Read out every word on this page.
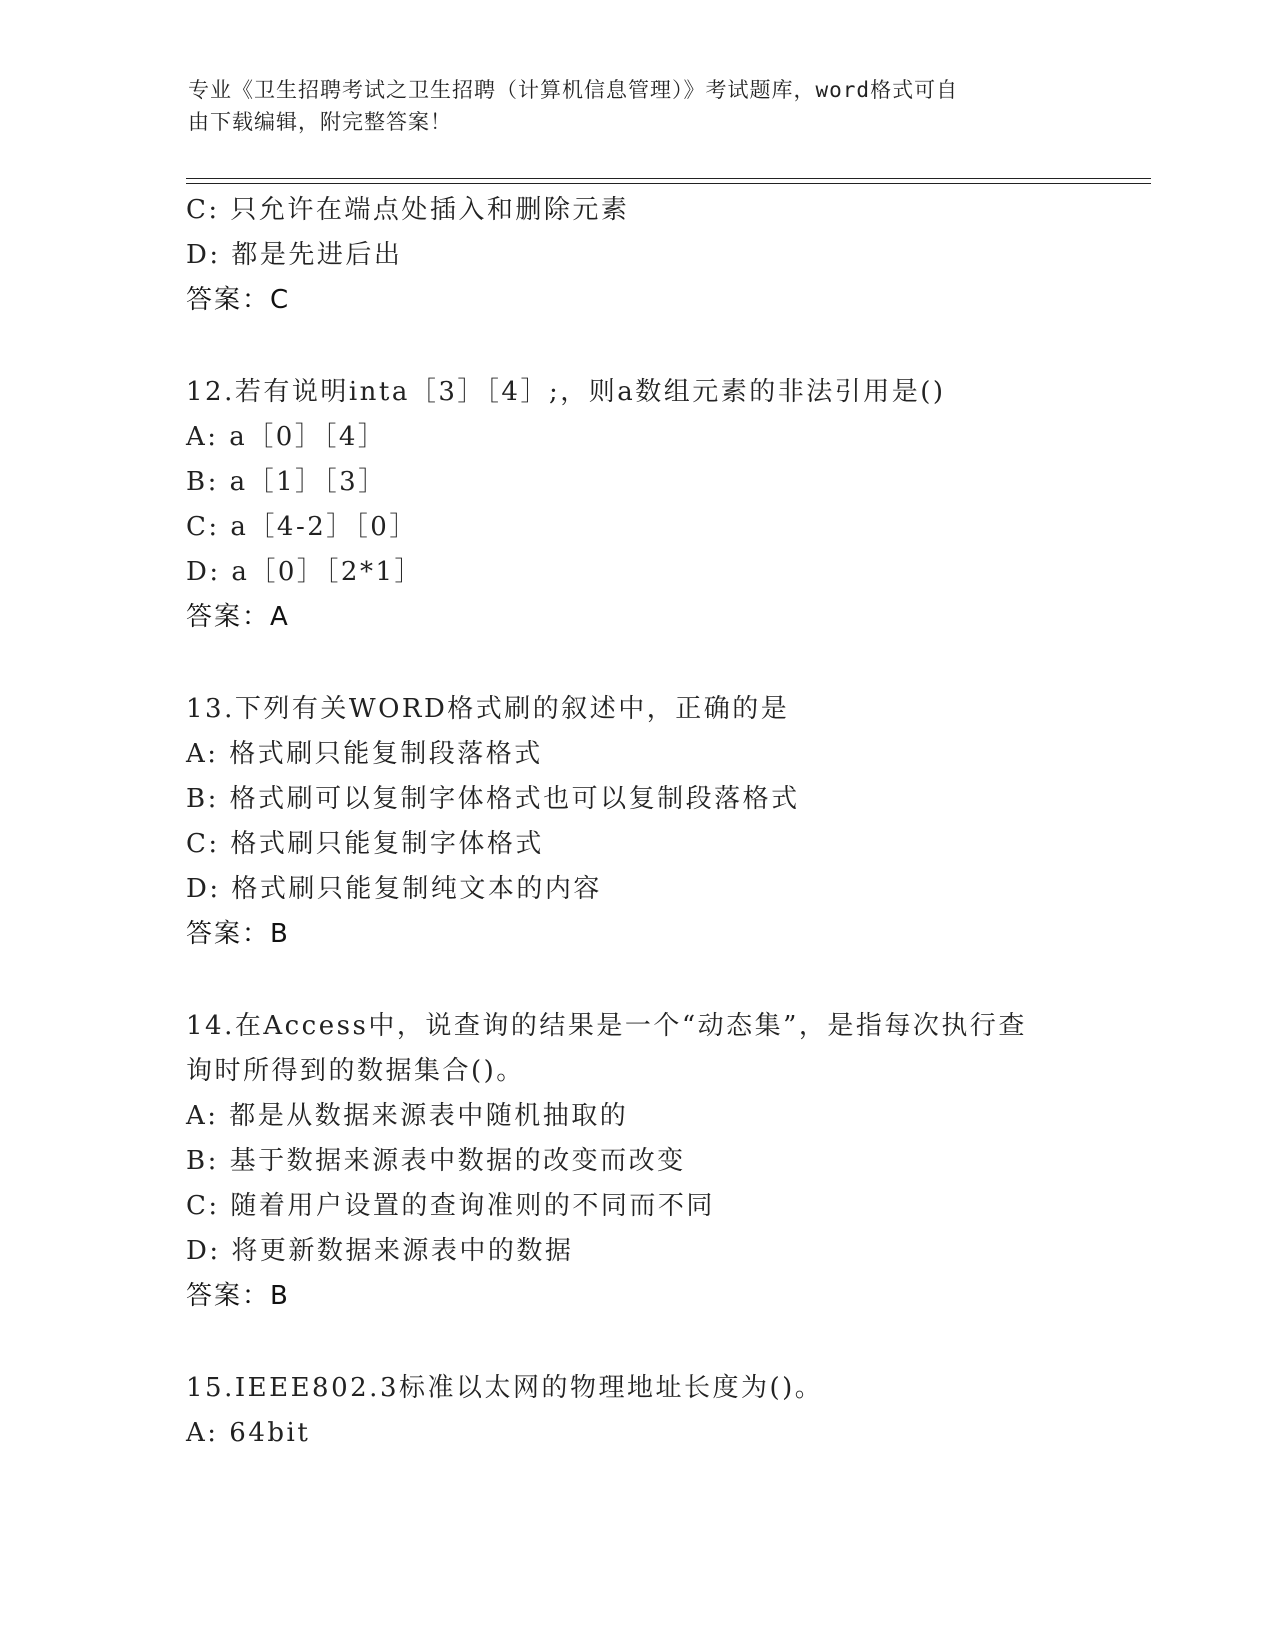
专业《卫生招聘考试之卫生招聘（计算机信息管理）》考试题库，word格式可自
由下载编辑，附完整答案！
C: 只允许在端点处插入和删除元素
D: 都是先进后出
答案：C
12.若有说明inta［3］［4］;，则a数组元素的非法引用是()
A: a［0］［4］
B: a［1］［3］
C: a［4-2］［0］
D: a［0］［2*1］
答案：A
13.下列有关WORD格式刷的叙述中，正确的是
A: 格式刷只能复制段落格式
B: 格式刷可以复制字体格式也可以复制段落格式
C: 格式刷只能复制字体格式
D: 格式刷只能复制纯文本的内容
答案：B
14.在Access中，说查询的结果是一个“动态集”，是指每次执行查
询时所得到的数据集合()。
A: 都是从数据来源表中随机抽取的
B: 基于数据来源表中数据的改变而改变
C: 随着用户设置的查询准则的不同而不同
D: 将更新数据来源表中的数据
答案：B
15.IEEE802.3标准以太网的物理地址长度为()。
A: 64bit
